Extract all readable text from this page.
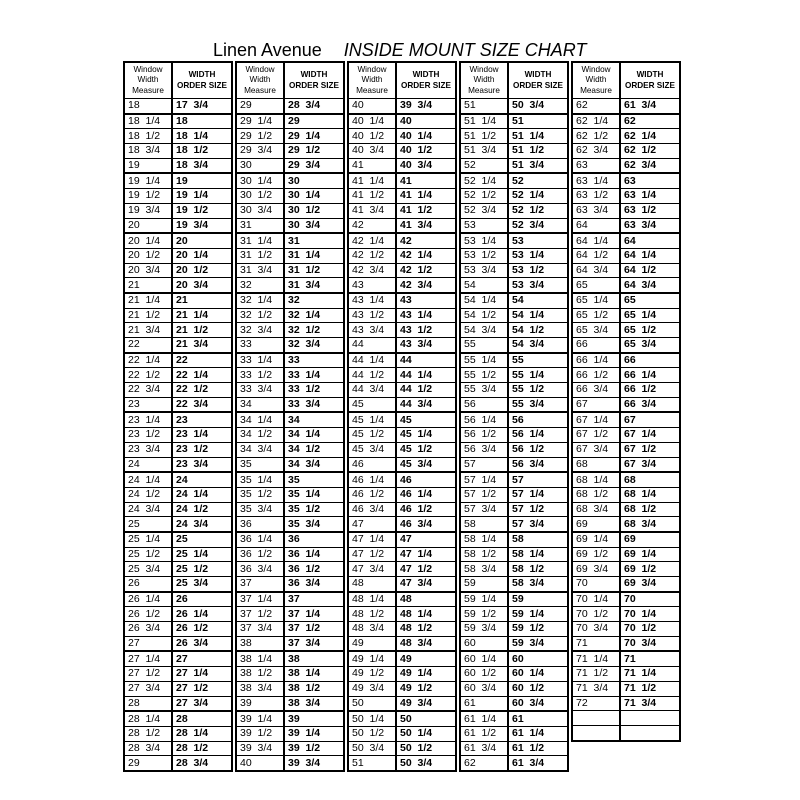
Linen Avenue INSIDE MOUNT SIZE CHART
Window Width Measure	WIDTH ORDER SIZE
18	17  3/4
18  1/4	18
18  1/2	18  1/4
18  3/4	18  1/2
19	18  3/4
19  1/4	19
19  1/2	19  1/4
19  3/4	19  1/2
20	19  3/4
20  1/4	20
20  1/2	20  1/4
20  3/4	20  1/2
21	20  3/4
21  1/4	21
21  1/2	21  1/4
21  3/4	21  1/2
22	21  3/4
22  1/4	22
22  1/2	22  1/4
22  3/4	22  1/2
23	22  3/4
23  1/4	23
23  1/2	23  1/4
23  3/4	23  1/2
24	23  3/4
24  1/4	24
24  1/2	24  1/4
24  3/4	24  1/2
25	24  3/4
25  1/4	25
25  1/2	25  1/4
25  3/4	25  1/2
26	25  3/4
26  1/4	26
26  1/2	26  1/4
26  3/4	26  1/2
27	26  3/4
27  1/4	27
27  1/2	27  1/4
27  3/4	27  1/2
28	27  3/4
28  1/4	28
28  1/2	28  1/4
28  3/4	28  1/2
29	28  3/4
Window Width Measure	WIDTH ORDER SIZE
29	28  3/4
29  1/4	29
29  1/2	29  1/4
29  3/4	29  1/2
30	29  3/4
30  1/4	30
30  1/2	30  1/4
30  3/4	30  1/2
31	30  3/4
31  1/4	31
31  1/2	31  1/4
31  3/4	31  1/2
32	31  3/4
32  1/4	32
32  1/2	32  1/4
32  3/4	32  1/2
33	32  3/4
33  1/4	33
33  1/2	33  1/4
33  3/4	33  1/2
34	33  3/4
34  1/4	34
34  1/2	34  1/4
34  3/4	34  1/2
35	34  3/4
35  1/4	35
35  1/2	35  1/4
35  3/4	35  1/2
36	35  3/4
36  1/4	36
36  1/2	36  1/4
36  3/4	36  1/2
37	36  3/4
37  1/4	37
37  1/2	37  1/4
37  3/4	37  1/2
38	37  3/4
38  1/4	38
38  1/2	38  1/4
38  3/4	38  1/2
39	38  3/4
39  1/4	39
39  1/2	39  1/4
39  3/4	39  1/2
40	39  3/4
Window Width Measure	WIDTH ORDER SIZE
40	39  3/4
40  1/4	40
40  1/2	40  1/4
40  3/4	40  1/2
41	40  3/4
41  1/4	41
41  1/2	41  1/4
41  3/4	41  1/2
42	41  3/4
42  1/4	42
42  1/2	42  1/4
42  3/4	42  1/2
43	42  3/4
43  1/4	43
43  1/2	43  1/4
43  3/4	43  1/2
44	43  3/4
44  1/4	44
44  1/2	44  1/4
44  3/4	44  1/2
45	44  3/4
45  1/4	45
45  1/2	45  1/4
45  3/4	45  1/2
46	45  3/4
46  1/4	46
46  1/2	46  1/4
46  3/4	46  1/2
47	46  3/4
47  1/4	47
47  1/2	47  1/4
47  3/4	47  1/2
48	47  3/4
48  1/4	48
48  1/2	48  1/4
48  3/4	48  1/2
49	48  3/4
49  1/4	49
49  1/2	49  1/4
49  3/4	49  1/2
50	49  3/4
50  1/4	50
50  1/2	50  1/4
50  3/4	50  1/2
51	50  3/4
Window Width Measure	WIDTH ORDER SIZE
51	50  3/4
51  1/4	51
51  1/2	51  1/4
51  3/4	51  1/2
52	51  3/4
52  1/4	52
52  1/2	52  1/4
52  3/4	52  1/2
53	52  3/4
53  1/4	53
53  1/2	53  1/4
53  3/4	53  1/2
54	53  3/4
54  1/4	54
54  1/2	54  1/4
54  3/4	54  1/2
55	54  3/4
55  1/4	55
55  1/2	55  1/4
55  3/4	55  1/2
56	55  3/4
56  1/4	56
56  1/2	56  1/4
56  3/4	56  1/2
57	56  3/4
57  1/4	57
57  1/2	57  1/4
57  3/4	57  1/2
58	57  3/4
58  1/4	58
58  1/2	58  1/4
58  3/4	58  1/2
59	58  3/4
59  1/4	59
59  1/2	59  1/4
59  3/4	59  1/2
60	59  3/4
60  1/4	60
60  1/2	60  1/4
60  3/4	60  1/2
61	60  3/4
61  1/4	61
61  1/2	61  1/4
61  3/4	61  1/2
62	61  3/4
Window Width Measure	WIDTH ORDER SIZE
62	61  3/4
62  1/4	62
62  1/2	62  1/4
62  3/4	62  1/2
63	62  3/4
63  1/4	63
63  1/2	63  1/4
63  3/4	63  1/2
64	63  3/4
64  1/4	64
64  1/2	64  1/4
64  3/4	64  1/2
65	64  3/4
65  1/4	65
65  1/2	65  1/4
65  3/4	65  1/2
66	65  3/4
66  1/4	66
66  1/2	66  1/4
66  3/4	66  1/2
67	66  3/4
67  1/4	67
67  1/2	67  1/4
67  3/4	67  1/2
68	67  3/4
68  1/4	68
68  1/2	68  1/4
68  3/4	68  1/2
69	68  3/4
69  1/4	69
69  1/2	69  1/4
69  3/4	69  1/2
70	69  3/4
70  1/4	70
70  1/2	70  1/4
70  3/4	70  1/2
71	70  3/4
71  1/4	71
71  1/2	71  1/4
71  3/4	71  1/2
72	71  3/4
